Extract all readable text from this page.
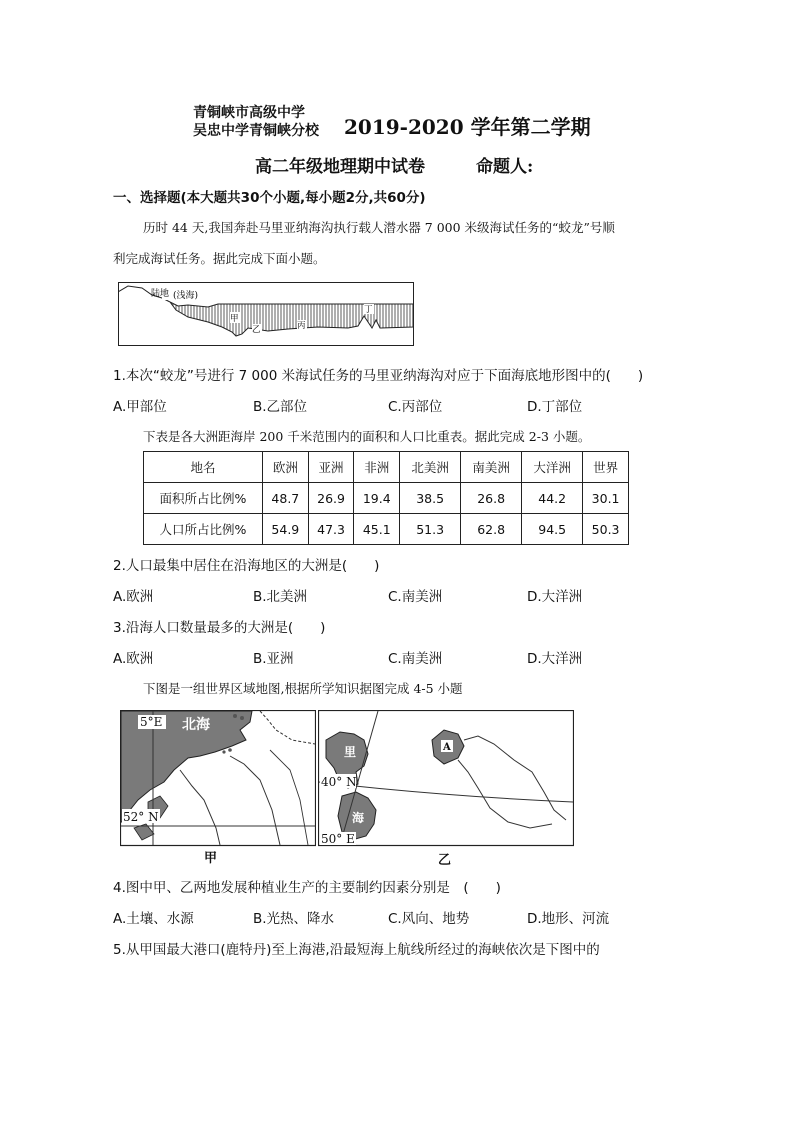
青铜峡市高级中学
吴忠中学青铜峡分校 2019-2020 学年第二学期
高二年级地理期中试卷	命题人:
一、选择题(本大题共30个小题,每小题2分,共60分)
历时 44 天,我国奔赴马里亚纳海沟执行载人潜水器 7 000 米级海试任务的“蛟龙”号顺
利完成海试任务。据此完成下面小题。
陆地 (浅海)
甲
乙	丙
丁
1.本次“蛟龙”号进行 7 000 米海试任务的马里亚纳海沟对应于下面海底地形图中的(　　)
A.甲部位	B.乙部位	C.丙部位	D.丁部位
下表是各大洲距海岸 200 千米范围内的面积和人口比重表。据此完成 2-3 小题。
地名	欧洲	亚洲	非洲	北美洲	南美洲	大洋洲	世界
面积所占比例%	48.7	26.9	19.4	38.5	26.8	44.2	30.1
人口所占比例%	54.9	47.3	45.1	51.3	62.8	94.5	50.3
2.人口最集中居住在沿海地区的大洲是(　　)
A.欧洲	B.北美洲	C.南美洲	D.大洋洲
3.沿海人口数量最多的大洲是(　　)
A.欧洲	B.亚洲	C.南美洲	D.大洋洲
下图是一组世界区域地图,根据所学知识据图完成 4-5 小题
5°E 北海
52° N
甲
里
40° N
海
50° E
A
乙
4.图中甲、乙两地发展种植业生产的主要制约因素分别是　(　　)
A.土壤、水源	B.光热、降水	C.风向、地势	D.地形、河流
5.从甲国最大港口(鹿特丹)至上海港,沿最短海上航线所经过的海峡依次是下图中的
